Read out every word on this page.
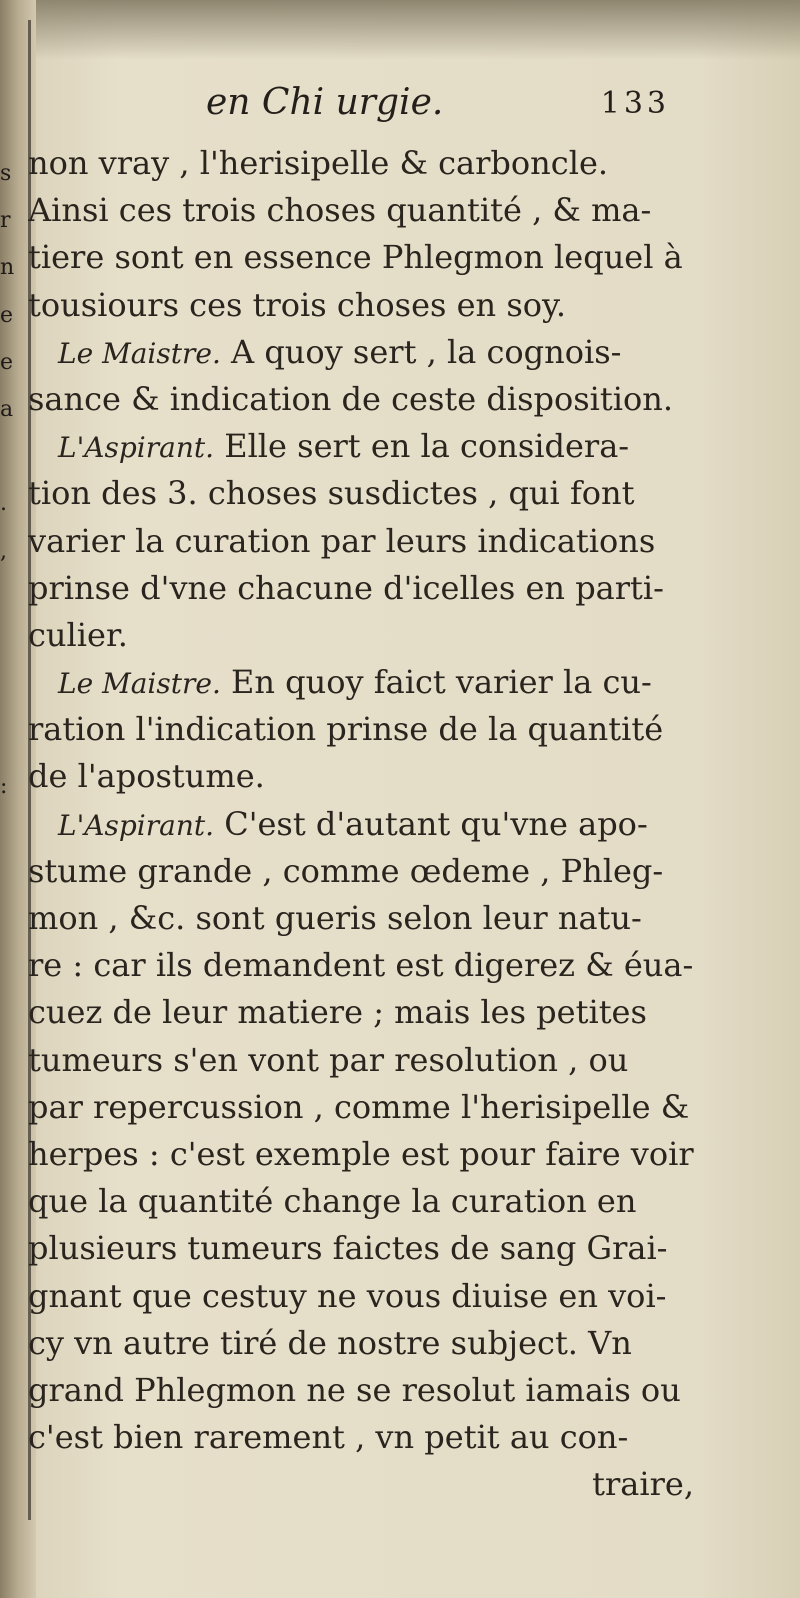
en Chi urgie.	133
s
r
n
e
e
a
.
,
:
non vray , l'herisipelle & carboncle.
Ainsi ces trois choses quantité , & ma-
tiere sont en essence Phlegmon lequel à
tousiours ces trois choses en soy.
Le Maistre. A quoy sert , la cognois-
sance & indication de ceste disposition.
L'Aspirant. Elle sert en la considera-
tion des 3. choses susdictes , qui font
varier la curation par leurs indications
prinse d'vne chacune d'icelles en parti-
culier.
Le Maistre. En quoy faict varier la cu-
ration l'indication prinse de la quantité
de l'apostume.
L'Aspirant. C'est d'autant qu'vne apo-
stume grande , comme œdeme , Phleg-
mon , &c. sont gueris selon leur natu-
re : car ils demandent est digerez & éua-
cuez de leur matiere ; mais les petites
tumeurs s'en vont par resolution , ou
par repercussion , comme l'herisipelle &
herpes : c'est exemple est pour faire voir
que la quantité change la curation en
plusieurs tumeurs faictes de sang Grai-
gnant que cestuy ne vous diuise en voi-
cy vn autre tiré de nostre subject. Vn
grand Phlegmon ne se resolut iamais ou
c'est bien rarement , vn petit au con-
traire,
